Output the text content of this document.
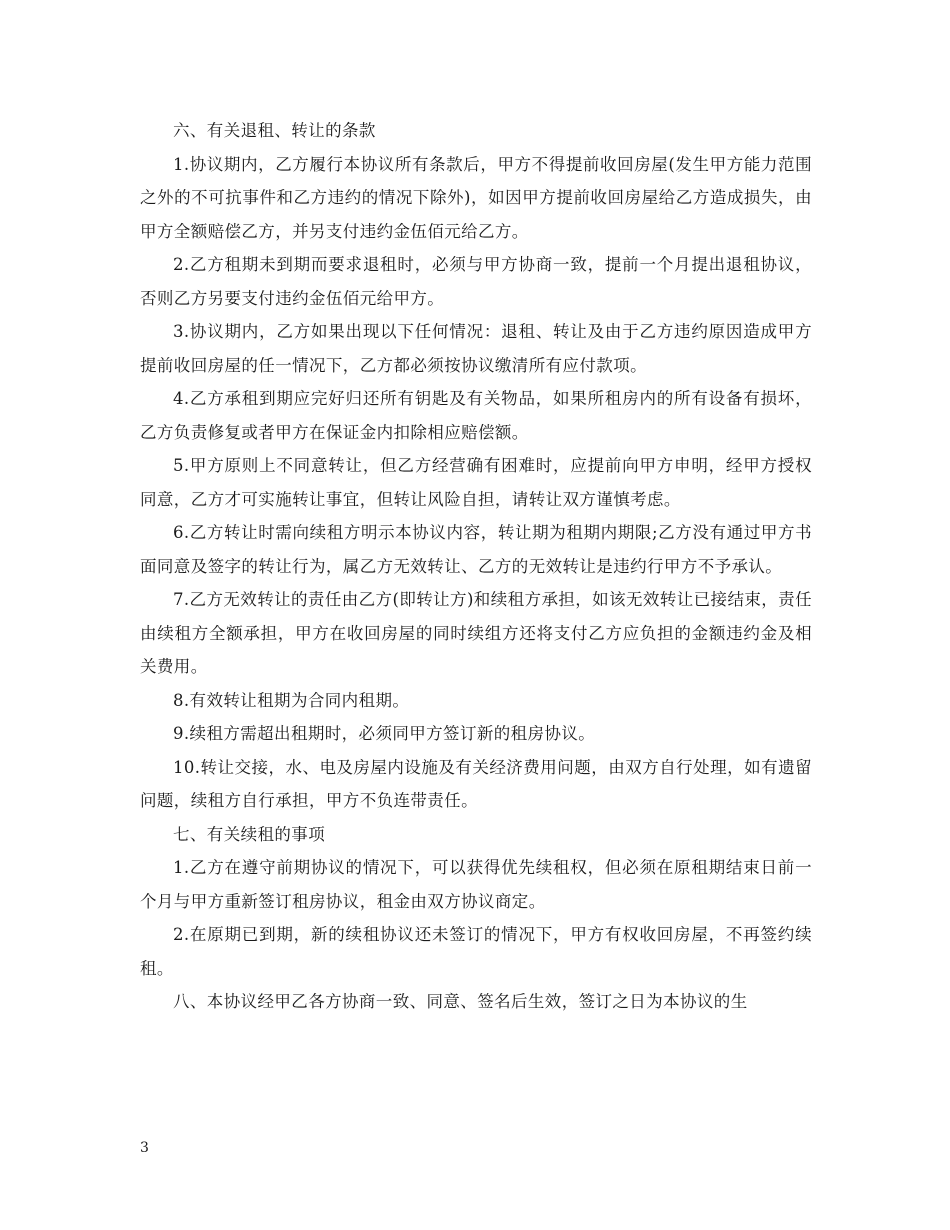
六、有关退租、转让的条款

1.协议期内，乙方履行本协议所有条款后，甲方不得提前收回房屋(发生甲方能力范围之外的不可抗事件和乙方违约的情况下除外)，如因甲方提前收回房屋给乙方造成损失，由甲方全额赔偿乙方，并另支付违约金伍佰元给乙方。

2.乙方租期未到期而要求退租时，必须与甲方协商一致，提前一个月提出退租协议，否则乙方另要支付违约金伍佰元给甲方。

3.协议期内，乙方如果出现以下任何情况：退租、转让及由于乙方违约原因造成甲方提前收回房屋的任一情况下，乙方都必须按协议缴清所有应付款项。

4.乙方承租到期应完好归还所有钥匙及有关物品，如果所租房内的所有设备有损坏，乙方负责修复或者甲方在保证金内扣除相应赔偿额。

5.甲方原则上不同意转让，但乙方经营确有困难时，应提前向甲方申明，经甲方授权同意，乙方才可实施转让事宜，但转让风险自担，请转让双方谨慎考虑。

6.乙方转让时需向续租方明示本协议内容，转让期为租期内期限;乙方没有通过甲方书面同意及签字的转让行为，属乙方无效转让、乙方的无效转让是违约行甲方不予承认。

7.乙方无效转让的责任由乙方(即转让方)和续租方承担，如该无效转让已接结束，责任由续租方全额承担，甲方在收回房屋的同时续组方还将支付乙方应负担的金额违约金及相关费用。

8.有效转让租期为合同内租期。

9.续租方需超出租期时，必须同甲方签订新的租房协议。

10.转让交接，水、电及房屋内设施及有关经济费用问题，由双方自行处理，如有遗留问题，续租方自行承担，甲方不负连带责任。

七、有关续租的事项

1.乙方在遵守前期协议的情况下，可以获得优先续租权，但必须在原租期结束日前一个月与甲方重新签订租房协议，租金由双方协议商定。

2.在原期已到期，新的续租协议还未签订的情况下，甲方有权收回房屋，不再签约续租。

八、本协议经甲乙各方协商一致、同意、签名后生效，签订之日为本协议的生

3
